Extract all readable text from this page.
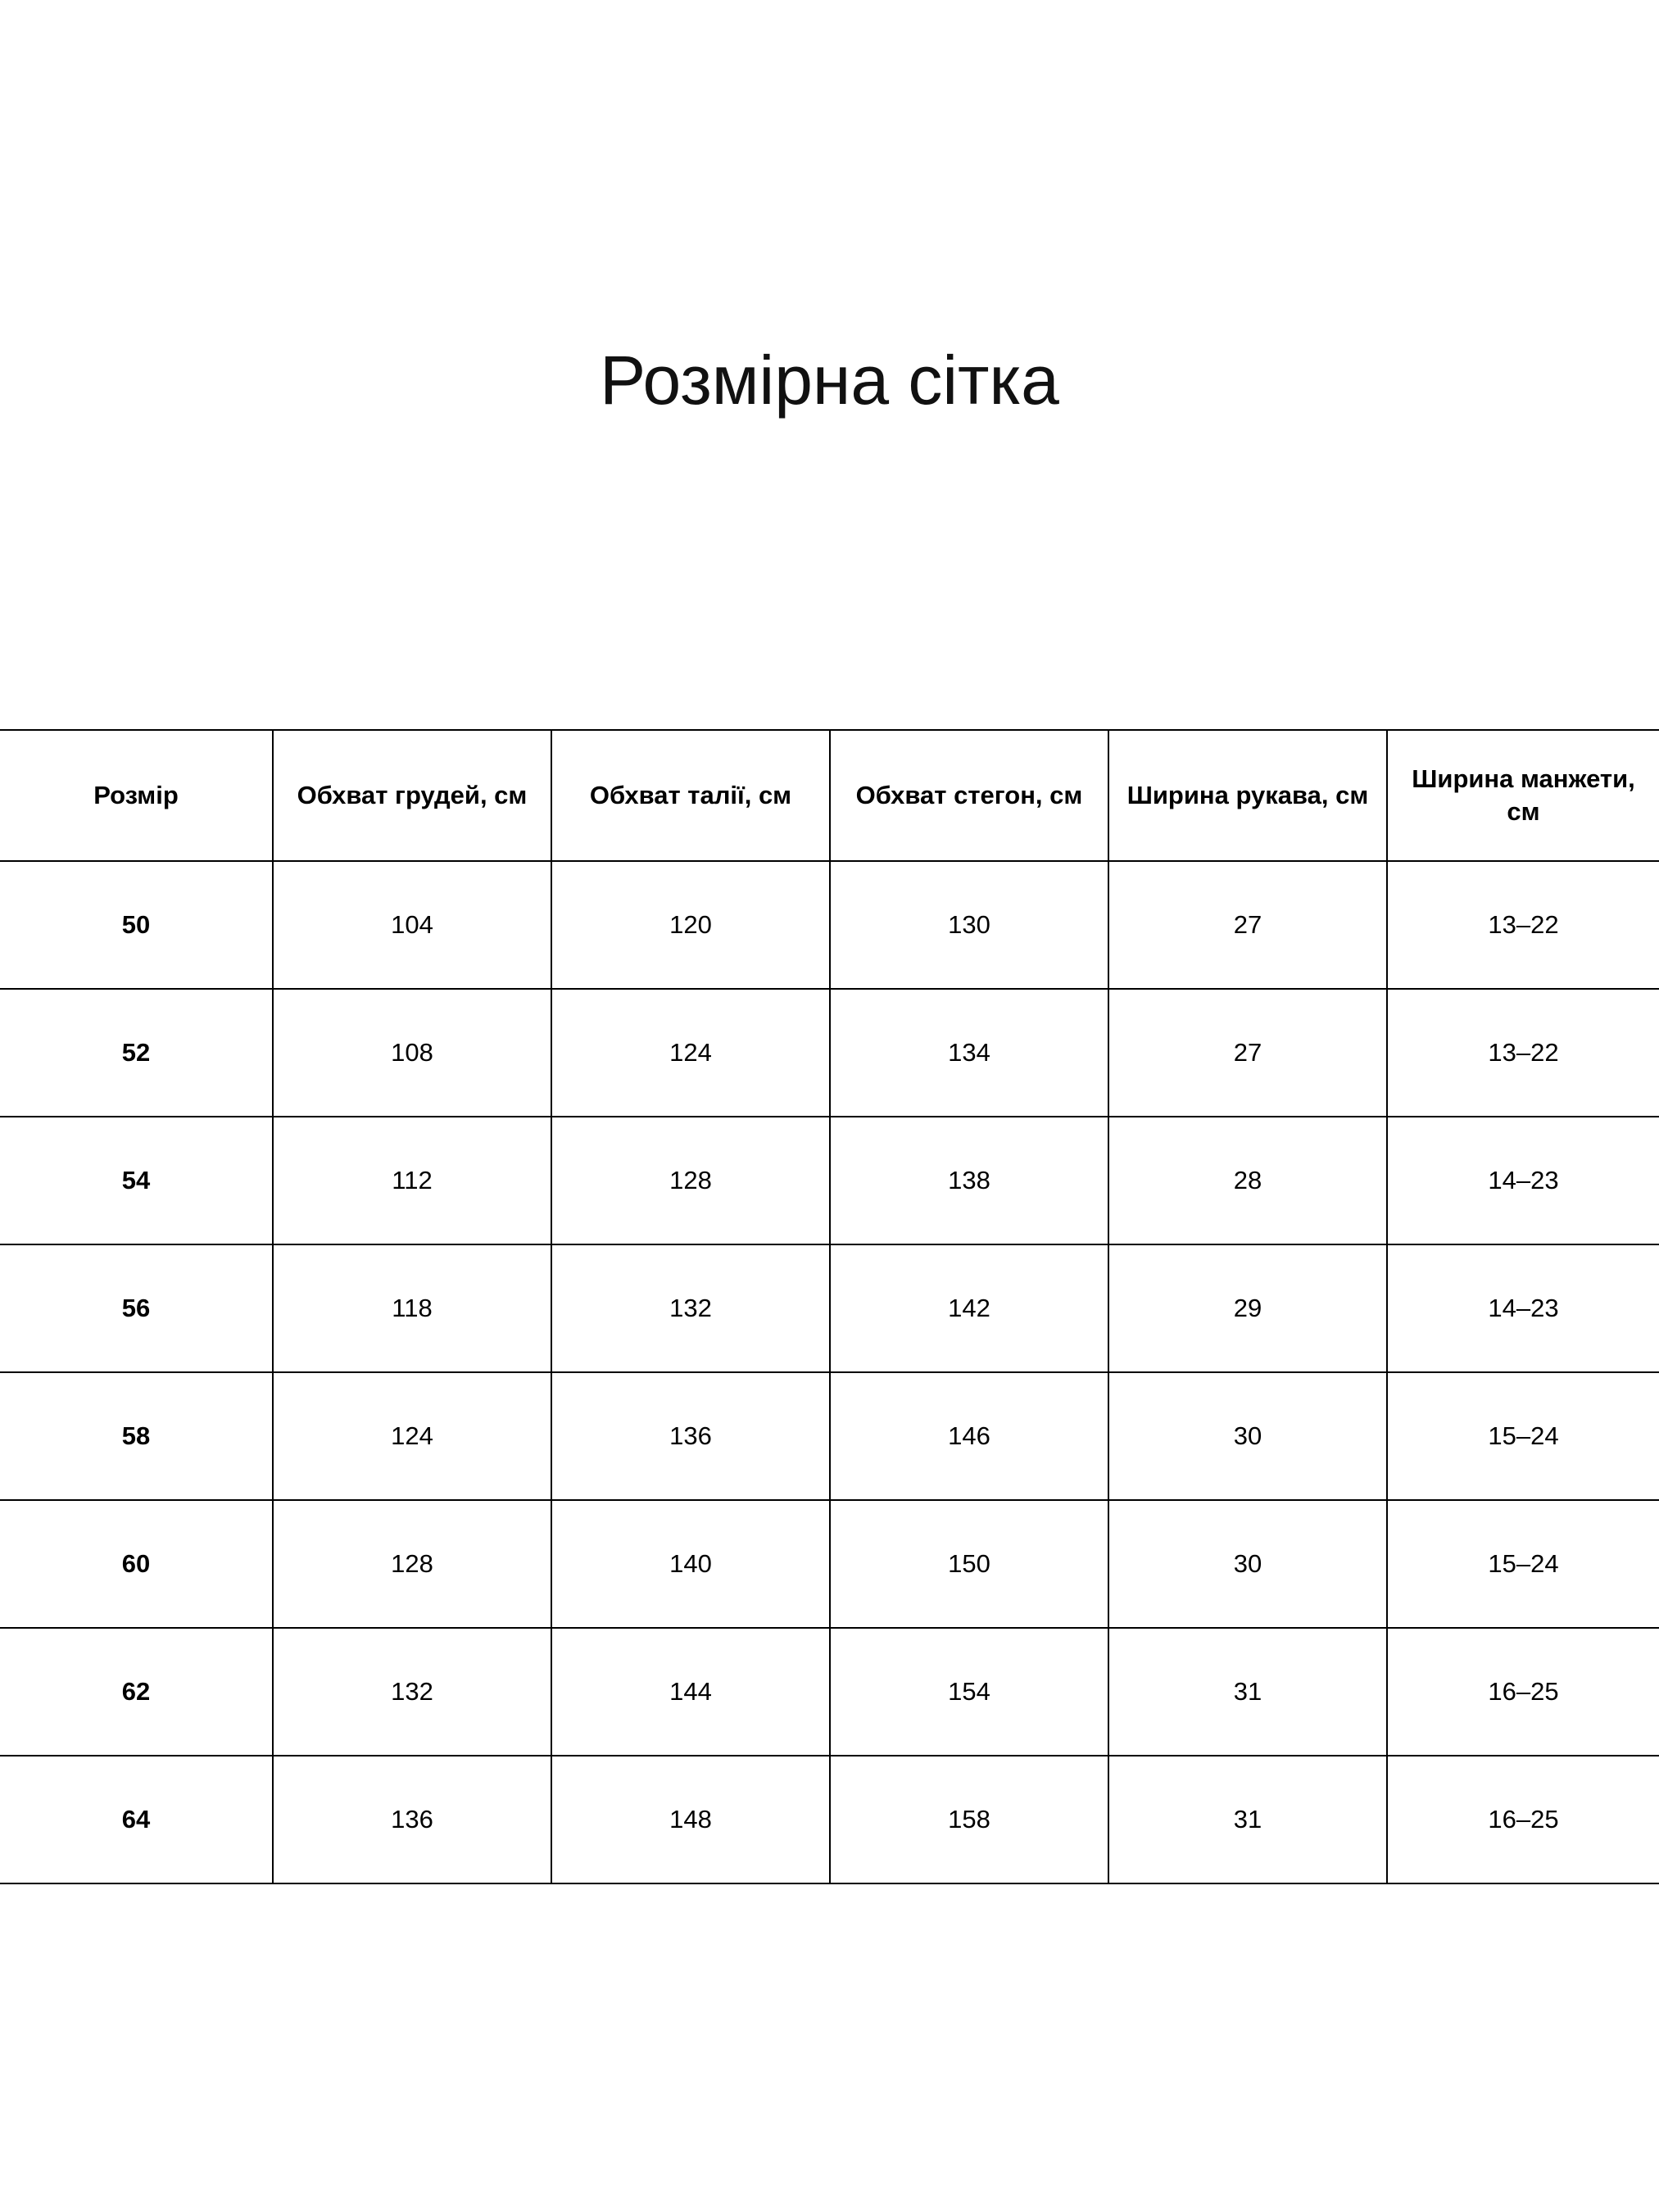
Розмірна сітка
Розмір	Обхват грудей, см	Обхват талії, см	Обхват стегон, см	Ширина рукава, см	Ширина манжети, см
50	104	120	130	27	13–22
52	108	124	134	27	13–22
54	112	128	138	28	14–23
56	118	132	142	29	14–23
58	124	136	146	30	15–24
60	128	140	150	30	15–24
62	132	144	154	31	16–25
64	136	148	158	31	16–25
